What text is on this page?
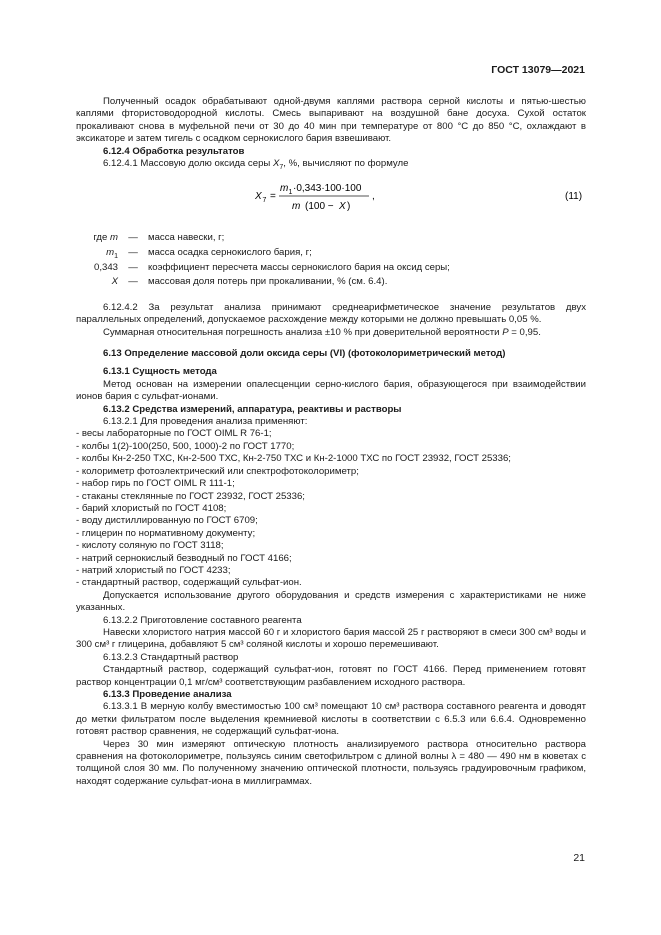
ГОСТ 13079—2021

Полученный осадок обрабатывают одной-двумя каплями раствора серной кислоты и пятью-шестью каплями фтористоводородной кислоты. Смесь выпаривают на воздушной бане досуха. Сухой остаток прокаливают снова в муфельной печи от 30 до 40 мин при температуре от 800 °С до 850 °С, охлаждают в эксикаторе и затем тигель с осадком сернокислого бария взвешивают.

6.12.4 Обработка результатов

6.12.4.1 Массовую долю оксида серы $X_7$, %, вычисляют по формуле

X 7 =
m 1 ·0,343·100·100
m (100 − X )
,	(11)
где m	—	масса навески, г;
$m_1$	—	масса осадка сернокислого бария, г;
0,343	—	коэффициент пересчета массы сернокислого бария на оксид серы;
X	—	массовая доля потерь при прокаливании, % (см. 6.4).

6.12.4.2 За результат анализа принимают среднеарифметическое значение результатов двух параллельных определений, допускаемое расхождение между которыми не должно превышать 0,05 %.

Суммарная относительная погрешность анализа ±10 % при доверительной вероятности P = 0,95.

6.13 Определение массовой доли оксида серы (VI) (фотоколориметрический метод)

6.13.1 Сущность метода

Метод основан на измерении опалесценции серно-кислого бария, образующегося при взаимодействии ионов бария с сульфат-ионами.

6.13.2 Средства измерений, аппаратура, реактивы и растворы

6.13.2.1 Для проведения анализа применяют:

- весы лабораторные по ГОСТ OIML R 76-1;

- колбы 1(2)-100(250, 500, 1000)-2 по ГОСТ 1770;

- колбы Кн-2-250 ТХС, Кн-2-500 ТХС, Кн-2-750 ТХС и Кн-2-1000 ТХС по ГОСТ 23932, ГОСТ 25336;

- колориметр фотоэлектрический или спектрофотоколориметр;

- набор гирь по ГОСТ OIML R 111-1;

- стаканы стеклянные по ГОСТ 23932, ГОСТ 25336;

- барий хлористый по ГОСТ 4108;

- воду дистиллированную по ГОСТ 6709;

- глицерин по нормативному документу;

- кислоту соляную по ГОСТ 3118;

- натрий сернокислый безводный по ГОСТ 4166;

- натрий хлористый по ГОСТ 4233;

- стандартный раствор, содержащий сульфат-ион.

Допускается использование другого оборудования и средств измерения с характеристиками не ниже указанных.

6.13.2.2 Приготовление составного реагента

Навески хлористого натрия массой 60 г и хлористого бария массой 25 г растворяют в смеси 300 см³ воды и 300 см³ г глицерина, добавляют 5 см³ соляной кислоты и хорошо перемешивают.

6.13.2.3 Стандартный раствор

Стандартный раствор, содержащий сульфат-ион, готовят по ГОСТ 4166. Перед применением готовят раствор концентрации 0,1 мг/см³ соответствующим разбавлением исходного раствора.

6.13.3 Проведение анализа

6.13.3.1 В мерную колбу вместимостью 100 см³ помещают 10 см³ раствора составного реагента и доводят до метки фильтратом после выделения кремниевой кислоты в соответствии с 6.5.3 или 6.6.4. Одновременно готовят раствор сравнения, не содержащий сульфат-иона.

Через 30 мин измеряют оптическую плотность анализируемого раствора относительно раствора сравнения на фотоколориметре, пользуясь синим светофильтром с длиной волны λ = 480 — 490 нм в кюветах с толщиной слоя 30 мм. По полученному значению оптической плотности, пользуясь градуировочным графиком, находят содержание сульфат-иона в миллиграммах.

21
